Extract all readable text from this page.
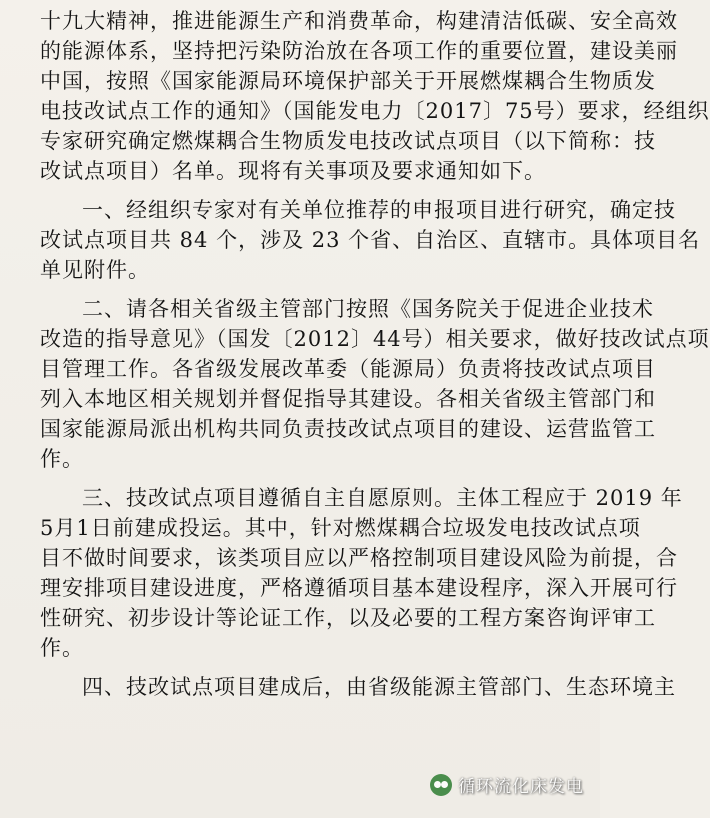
十九大精神，推进能源生产和消费革命，构建清洁低碳、安全高效
的能源体系，坚持把污染防治放在各项工作的重要位置，建设美丽
中国，按照《国家能源局环境保护部关于开展燃煤耦合生物质发
电技改试点工作的通知》（国能发电力〔2017〕75号）要求，经组织
专家研究确定燃煤耦合生物质发电技改试点项目（以下简称：技
改试点项目）名单。现将有关事项及要求通知如下。
一、经组织专家对有关单位推荐的申报项目进行研究，确定技
改试点项目共 84 个，涉及 23 个省、自治区、直辖市。具体项目名
单见附件。
二、请各相关省级主管部门按照《国务院关于促进企业技术
改造的指导意见》（国发〔2012〕44号）相关要求，做好技改试点项
目管理工作。各省级发展改革委（能源局）负责将技改试点项目
列入本地区相关规划并督促指导其建设。各相关省级主管部门和
国家能源局派出机构共同负责技改试点项目的建设、运营监管工
作。
三、技改试点项目遵循自主自愿原则。主体工程应于 2019 年
5月1日前建成投运。其中，针对燃煤耦合垃圾发电技改试点项
目不做时间要求，该类项目应以严格控制项目建设风险为前提，合
理安排项目建设进度，严格遵循项目基本建设程序，深入开展可行
性研究、初步设计等论证工作，以及必要的工程方案咨询评审工
作。
四、技改试点项目建成后，由省级能源主管部门、生态环境主
循环流化床发电
